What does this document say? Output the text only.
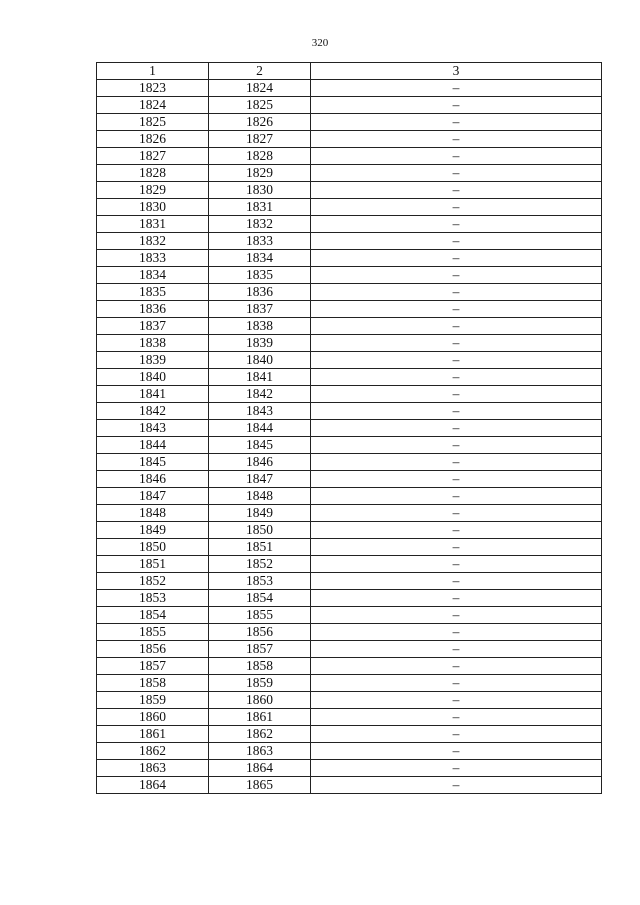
320
1	2	3
1823	1824	–
1824	1825	–
1825	1826	–
1826	1827	–
1827	1828	–
1828	1829	–
1829	1830	–
1830	1831	–
1831	1832	–
1832	1833	–
1833	1834	–
1834	1835	–
1835	1836	–
1836	1837	–
1837	1838	–
1838	1839	–
1839	1840	–
1840	1841	–
1841	1842	–
1842	1843	–
1843	1844	–
1844	1845	–
1845	1846	–
1846	1847	–
1847	1848	–
1848	1849	–
1849	1850	–
1850	1851	–
1851	1852	–
1852	1853	–
1853	1854	–
1854	1855	–
1855	1856	–
1856	1857	–
1857	1858	–
1858	1859	–
1859	1860	–
1860	1861	–
1861	1862	–
1862	1863	–
1863	1864	–
1864	1865	–
